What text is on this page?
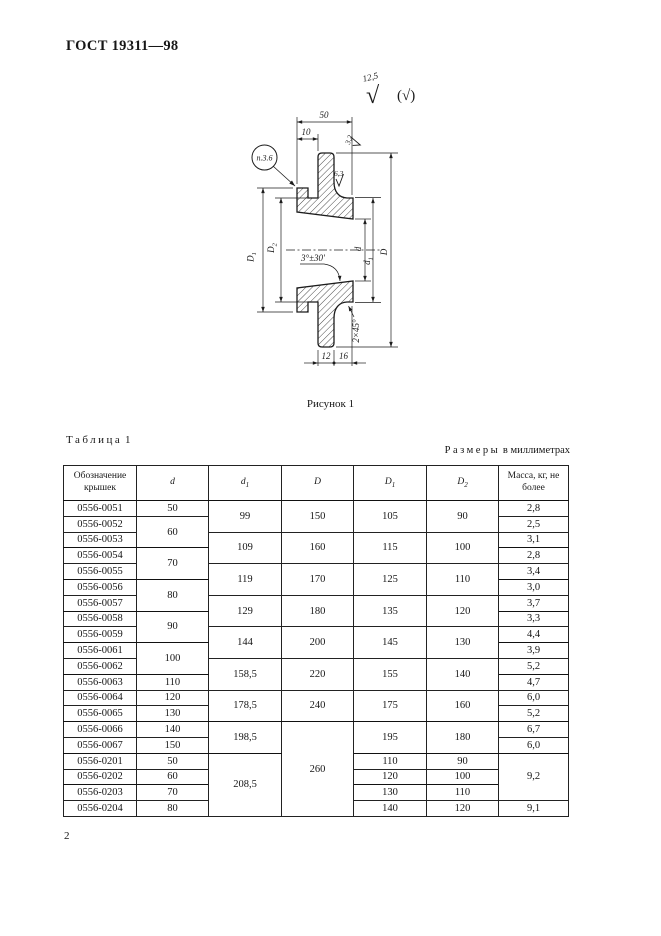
ГОСТ 19311—98
50
10
12 16
D
$d_1$
d
$D_1$
$D_2$
3°±30'
2×45°
п.3.6
12,5
√ (√)
6,3
3,2
Рисунок 1
Таблица 1
Размеры в миллиметрах
Обозначение крышек	d	$d_1$	D	$D_1$	$D_2$	Масса, кг, не более
0556-0051	50	99	150	105	90	2,8
0556-0052	60					2,5
0556-0053		109	160	115	100	3,1
0556-0054	70					2,8
0556-0055		119	170	125	110	3,4
0556-0056	80					3,0
0556-0057		129	180	135	120	3,7
0556-0058	90					3,3
0556-0059		144	200	145	130	4,4
0556-0061	100					3,9
0556-0062		158,5	220	155	140	5,2
0556-0063	110					4,7
0556-0064	120	178,5	240	175	160	6,0
0556-0065	130					5,2
0556-0066	140	198,5	260	195	180	6,7
0556-0067	150					6,0
0556-0201	50	208,5		110	90	9,2
0556-0202	60			120	100	
0556-0203	70			130	110	
0556-0204	80			140	120	9,1
2
